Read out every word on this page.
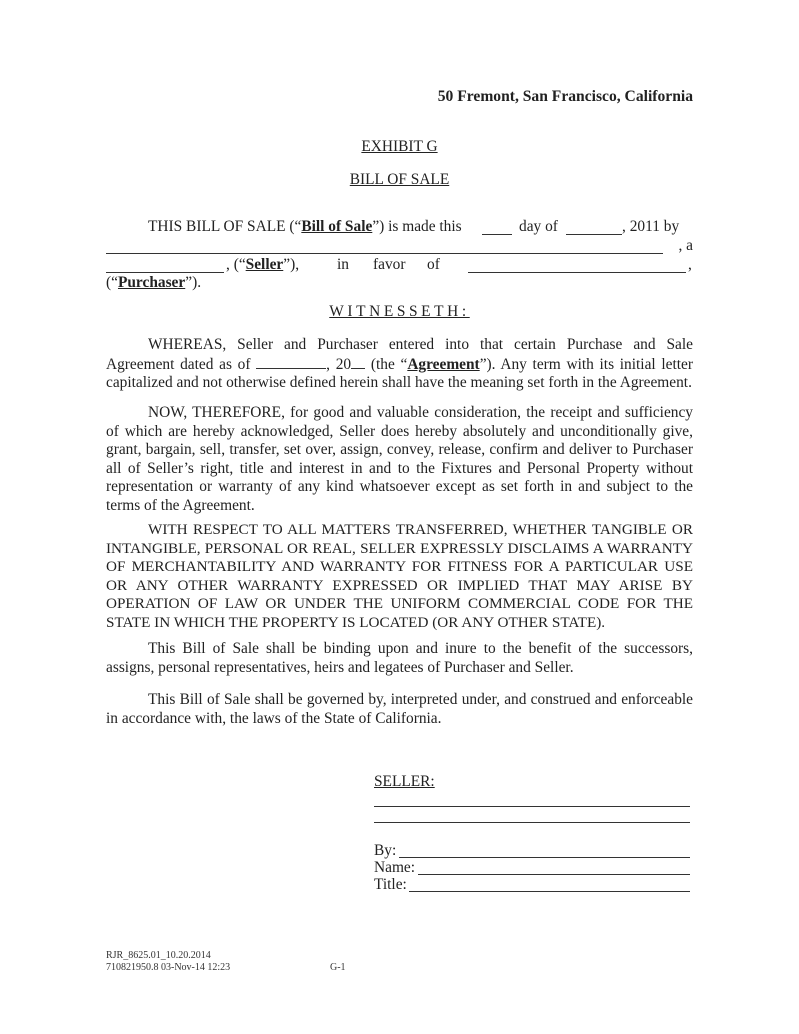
50 Fremont, San Francisco, California
EXHIBIT G
BILL OF SALE
THIS BILL OF SALE (“Bill of Sale”) is made this	day of	, 2011 by
, a
, (“Seller”), in favor of	,
(“Purchaser”).
WITNESSETH:
WHEREAS, Seller and Purchaser entered into that certain Purchase and Sale Agreement dated as of	, 20 (the “Agreement”). Any term with its initial letter capitalized and not otherwise defined herein shall have the meaning set forth in the Agreement.
NOW, THEREFORE, for good and valuable consideration, the receipt and sufficiency of which are hereby acknowledged, Seller does hereby absolutely and unconditionally give, grant, bargain, sell, transfer, set over, assign, convey, release, confirm and deliver to Purchaser all of Seller’s right, title and interest in and to the Fixtures and Personal Property without representation or warranty of any kind whatsoever except as set forth in and subject to the terms of the Agreement.
WITH RESPECT TO ALL MATTERS TRANSFERRED, WHETHER TANGIBLE OR INTANGIBLE, PERSONAL OR REAL, SELLER EXPRESSLY DISCLAIMS A WARRANTY OF MERCHANTABILITY AND WARRANTY FOR FITNESS FOR A PARTICULAR USE OR ANY OTHER WARRANTY EXPRESSED OR IMPLIED THAT MAY ARISE BY OPERATION OF LAW OR UNDER THE UNIFORM COMMERCIAL CODE FOR THE STATE IN WHICH THE PROPERTY IS LOCATED (OR ANY OTHER STATE).
This Bill of Sale shall be binding upon and inure to the benefit of the successors, assigns, personal representatives, heirs and legatees of Purchaser and Seller.
This Bill of Sale shall be governed by, interpreted under, and construed and enforceable in accordance with, the laws of the State of California.
SELLER:
By:
Name:
Title:
RJR_8625.01_10.20.2014
710821950.8 03-Nov-14 12:23	G-1
